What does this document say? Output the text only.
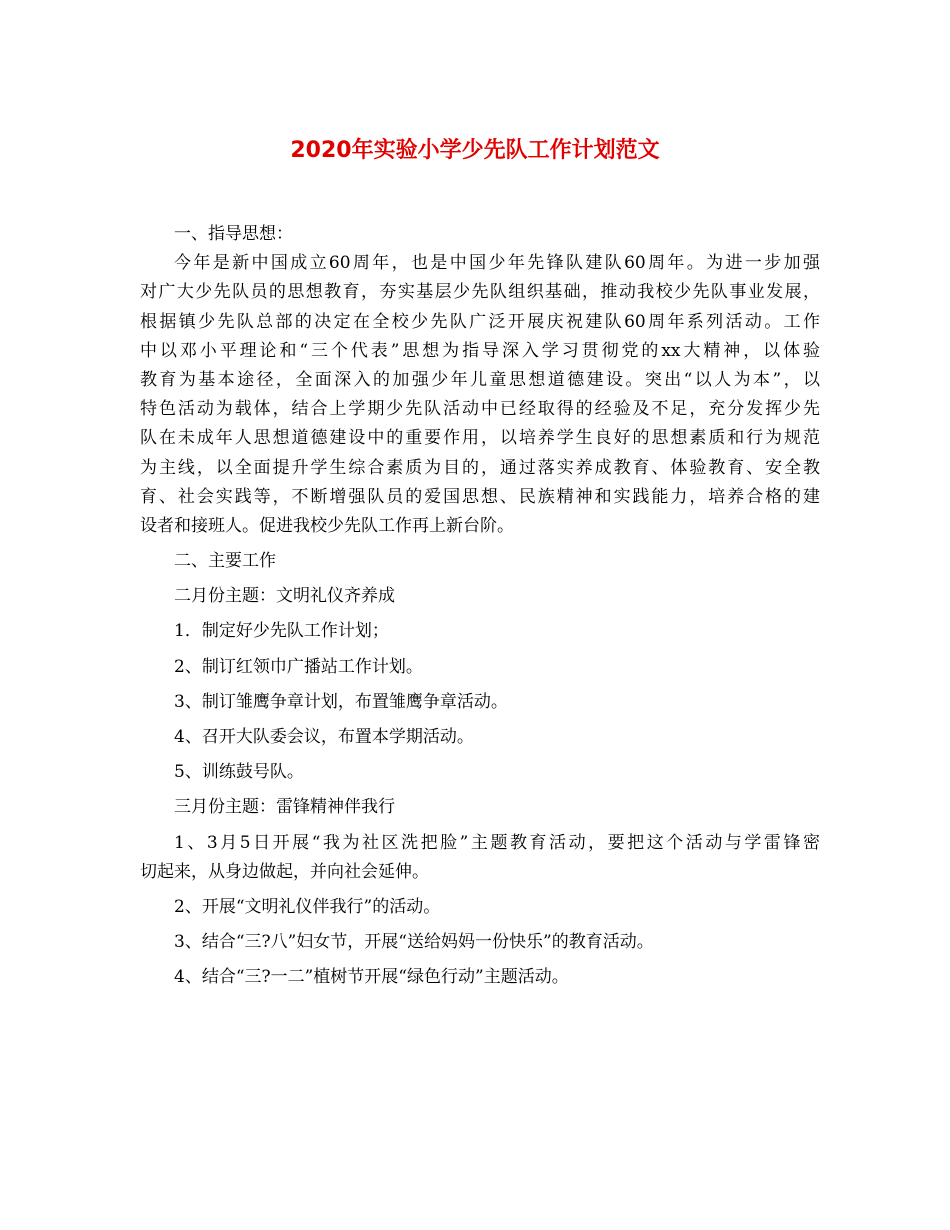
2020年实验小学少先队工作计划范文
一、指导思想：
今年是新中国成立60周年，也是中国少年先锋队建队60周年。为进一步加强
对广大少先队员的思想教育，夯实基层少先队组织基础，推动我校少先队事业发展，
根据镇少先队总部的决定在全校少先队广泛开展庆祝建队60周年系列活动。工作
中以邓小平理论和“三个代表”思想为指导深入学习贯彻党的xx大精神，以体验
教育为基本途径，全面深入的加强少年儿童思想道德建设。突出“以人为本”，以
特色活动为载体，结合上学期少先队活动中已经取得的经验及不足，充分发挥少先
队在未成年人思想道德建设中的重要作用，以培养学生良好的思想素质和行为规范
为主线，以全面提升学生综合素质为目的，通过落实养成教育、体验教育、安全教
育、社会实践等，不断增强队员的爱国思想、民族精神和实践能力，培养合格的建
设者和接班人。促进我校少先队工作再上新台阶。
二、主要工作
二月份主题：文明礼仪齐养成
1．制定好少先队工作计划；
2、制订红领巾广播站工作计划。
3、制订雏鹰争章计划，布置雏鹰争章活动。
4、召开大队委会议，布置本学期活动。
5、训练鼓号队。
三月份主题：雷锋精神伴我行
1、3月5日开展“我为社区洗把脸”主题教育活动，要把这个活动与学雷锋密
切起来，从身边做起，并向社会延伸。
2、开展“文明礼仪伴我行”的活动。
3、结合“三?八”妇女节，开展“送给妈妈一份快乐”的教育活动。
4、结合“三?一二”植树节开展“绿色行动”主题活动。
